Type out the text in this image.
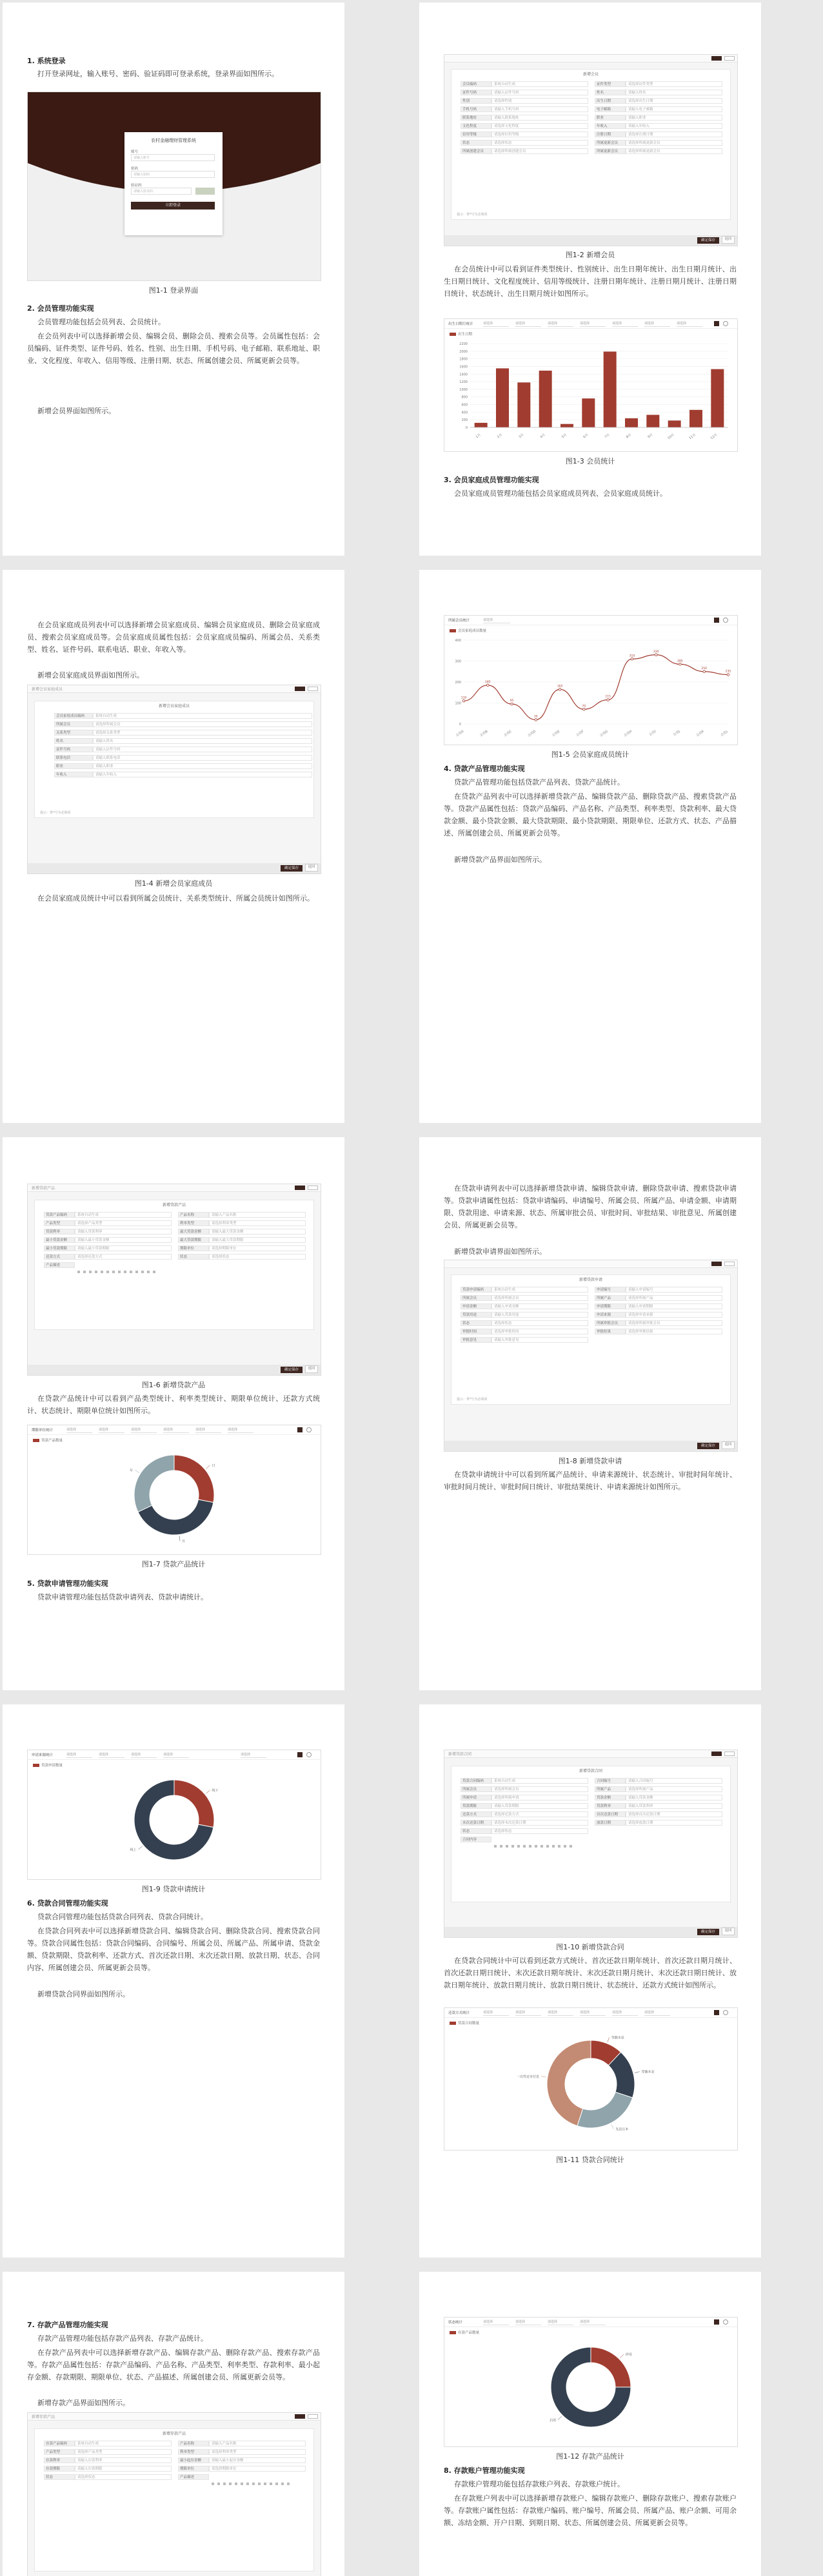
1. 系统登录
打开登录网址，输入账号、密码、验证码即可登录系统，登录界面如图所示。
农村金融理财管理系统
账号
请输入账号
密码
请输入密码
验证码
请输入验证码
立即登录
图1-1 登录界面
2. 会员管理功能实现
会员管理功能包括会员列表、会员统计。
在会员列表中可以选择新增会员、编辑会员、删除会员、搜索会员等。会员属性包括：会员编码、证件类型、证件号码、姓名、性别、出生日期、手机号码、电子邮箱、联系地址、职业、文化程度、年收入、信用等级、注册日期、状态、所属创建会员、所属更新会员等。
新增会员界面如图所示。
新增会员
会员编码	系统自动生成
证件号码	请输入证件号码
性别	请选择性别
手机号码	请输入手机号码
联系地址	请输入联系地址
文化程度	请选择文化程度
信用等级	请选择信用等级
状态	请选择状态
所属创建会员	请选择所属创建会员
证件类型	请选择证件类型
姓名	请输入姓名
出生日期	请选择出生日期
电子邮箱	请输入电子邮箱
职业	请输入职业
年收入	请输入年收入
注册日期	请选择注册日期
所属更新会员	请选择所属更新会员
所属更新会员	请选择所属更新会员
提示：带*号为必填项
确定保存	返回
图1-2 新增会员
在会员统计中可以看到证件类型统计、性别统计、出生日期年统计、出生日期月统计、出生日期日统计、文化程度统计、信用等级统计、注册日期年统计、注册日期月统计、注册日期日统计、状态统计、出生日期月统计如图所示。
出生日期月统计	请选择	请选择	请选择	请选择	请选择	请选择	请选择
出生日期
0
200
400
600
800
1000
1200
1400
1600
1800
2000
2200
1月	2月	3月	4月	5月	6月	7月	8月	9月	10月	11月	12月
图1-3 会员统计
3. 会员家庭成员管理功能实现
会员家庭成员管理功能包括会员家庭成员列表、会员家庭成员统计。
在会员家庭成员列表中可以选择新增会员家庭成员、编辑会员家庭成员、删除会员家庭成员、搜索会员家庭成员等。会员家庭成员属性包括：会员家庭成员编码、所属会员、关系类型、姓名、证件号码、联系电话、职业、年收入等。
新增会员家庭成员界面如图所示。
新增会员家庭成员
新增会员家庭成员
会员家庭成员编码	系统自动生成
所属会员	请选择所属会员
关系类型	请选择关系类型
姓名	请输入姓名
证件号码	请输入证件号码
联系电话	请输入联系电话
职业	请输入职业
年收入	请输入年收入
提示：带*号为必填项
确定保存	返回
图1-4 新增会员家庭成员
在会员家庭成员统计中可以看到所属会员统计、关系类型统计、所属会员统计如图所示。
所属会员统计	请选择
会员家庭成员数量
0
100
200
300
400
110
会员A
185
会员B
95
会员C
20
会员D
165
会员E
70
会员F
115
会员G
310
会员H
330
会员I
285
会员J
250
会员K
235
会员L
图1-5 会员家庭成员统计
4. 贷款产品管理功能实现
贷款产品管理功能包括贷款产品列表、贷款产品统计。
在贷款产品列表中可以选择新增贷款产品、编辑贷款产品、删除贷款产品、搜索贷款产品等。贷款产品属性包括：贷款产品编码、产品名称、产品类型、利率类型、贷款利率、最大贷款金额、最小贷款金额、最大贷款期限、最小贷款期限、期限单位、还款方式、状态、产品描述、所属创建会员、所属更新会员等。
新增贷款产品界面如图所示。
新增贷款产品
新增贷款产品
贷款产品编码	系统自动生成
产品类型	请选择产品类型
贷款利率	请输入贷款利率
最小贷款金额	请输入最小贷款金额
最小贷款期限	请输入最小贷款期限
还款方式	请选择还款方式
产品描述
产品名称	请输入产品名称
利率类型	请选择利率类型
最大贷款金额	请输入最大贷款金额
最大贷款期限	请输入最大贷款期限
期限单位	请选择期限单位
状态	请选择状态
确定保存	返回
图1-6 新增贷款产品
在贷款产品统计中可以看到产品类型统计、利率类型统计、期限单位统计、还款方式统计、状态统计、期限单位统计如图所示。
期限单位统计	请选择	请选择	请选择	请选择	请选择	请选择
贷款产品数量
日
月
年
图1-7 贷款产品统计
5. 贷款申请管理功能实现
贷款申请管理功能包括贷款申请列表、贷款申请统计。
在贷款申请列表中可以选择新增贷款申请、编辑贷款申请、删除贷款申请、搜索贷款申请等。贷款申请属性包括：贷款申请编码、申请编号、所属会员、所属产品、申请金额、申请期限、贷款用途、申请来源、状态、所属审批会员、审批时间、审批结果、审批意见、所属创建会员、所属更新会员等。
新增贷款申请界面如图所示。
新增贷款申请
贷款申请编码	系统自动生成
所属会员	请选择所属会员
申请金额	请输入申请金额
贷款用途	请输入贷款用途
状态	请选择状态
审批时间	请选择审批时间
审批意见	请输入审批意见
申请编号	请输入申请编号
所属产品	请选择所属产品
申请期限	请输入申请期限
申请来源	请选择申请来源
所属审批会员	请选择所属审批会员
审批结果	请选择审批结果
提示：带*号为必填项
确定保存	返回
图1-8 新增贷款申请
在贷款申请统计中可以看到所属产品统计、申请来源统计、状态统计、审批时间年统计、审批时间月统计、审批时间日统计、审批结果统计、申请来源统计如图所示。
申请来源统计	请选择	请选择	请选择	请选择	请选择
贷款申请数量
线下
线上
图1-9 贷款申请统计
6. 贷款合同管理功能实现
贷款合同管理功能包括贷款合同列表、贷款合同统计。
在贷款合同列表中可以选择新增贷款合同、编辑贷款合同、删除贷款合同、搜索贷款合同等。贷款合同属性包括：贷款合同编码、合同编号、所属会员、所属产品、所属申请、贷款金额、贷款期限、贷款利率、还款方式、首次还款日期、末次还款日期、放款日期、状态、合同内容、所属创建会员、所属更新会员等。
新增贷款合同界面如图所示。
新增贷款合同
新增贷款合同
贷款合同编码	系统自动生成
所属会员	请选择所属会员
所属申请	请选择所属申请
贷款期限	请输入贷款期限
还款方式	请选择还款方式
末次还款日期	请选择末次还款日期
状态	请选择状态
合同内容
合同编号	请输入合同编号
所属产品	请选择所属产品
贷款金额	请输入贷款金额
贷款利率	请输入贷款利率
首次还款日期	请选择首次还款日期
放款日期	请选择放款日期
确定保存	返回
图1-10 新增贷款合同
在贷款合同统计中可以看到还款方式统计、首次还款日期年统计、首次还款日期月统计、首次还款日期日统计、末次还款日期年统计、末次还款日期月统计、末次还款日期日统计、放款日期年统计、放款日期月统计、放款日期日统计、状态统计、还款方式统计如图所示。
还款方式统计	请选择	请选择	请选择	请选择	请选择	请选择
贷款合同数量
等额本息
等额本金
先息后本
一次性还本付息
图1-11 贷款合同统计
7. 存款产品管理功能实现
存款产品管理功能包括存款产品列表、存款产品统计。
在存款产品列表中可以选择新增存款产品、编辑存款产品、删除存款产品、搜索存款产品等。存款产品属性包括：存款产品编码、产品名称、产品类型、利率类型、存款利率、最小起存金额、存款期限、期限单位、状态、产品描述、所属创建会员、所属更新会员等。
新增存款产品界面如图所示。
新增存款产品
新增存款产品
存款产品编码	系统自动生成
产品类型	请选择产品类型
存款利率	请输入存款利率
存款期限	请输入存款期限
状态	请选择状态
产品名称	请输入产品名称
利率类型	请选择利率类型
最小起存金额	请输入最小起存金额
期限单位	请选择期限单位
产品描述
状态统计	请选择	请选择	请选择	请选择
存款产品数量
停用
启用
图1-12 存款产品统计
8. 存款账户管理功能实现
存款账户管理功能包括存款账户列表、存款账户统计。
在存款账户列表中可以选择新增存款账户、编辑存款账户、删除存款账户、搜索存款账户等。存款账户属性包括：存款账户编码、账户编号、所属会员、所属产品、账户余额、可用余额、冻结金额、开户日期、到期日期、状态、所属创建会员、所属更新会员等。
